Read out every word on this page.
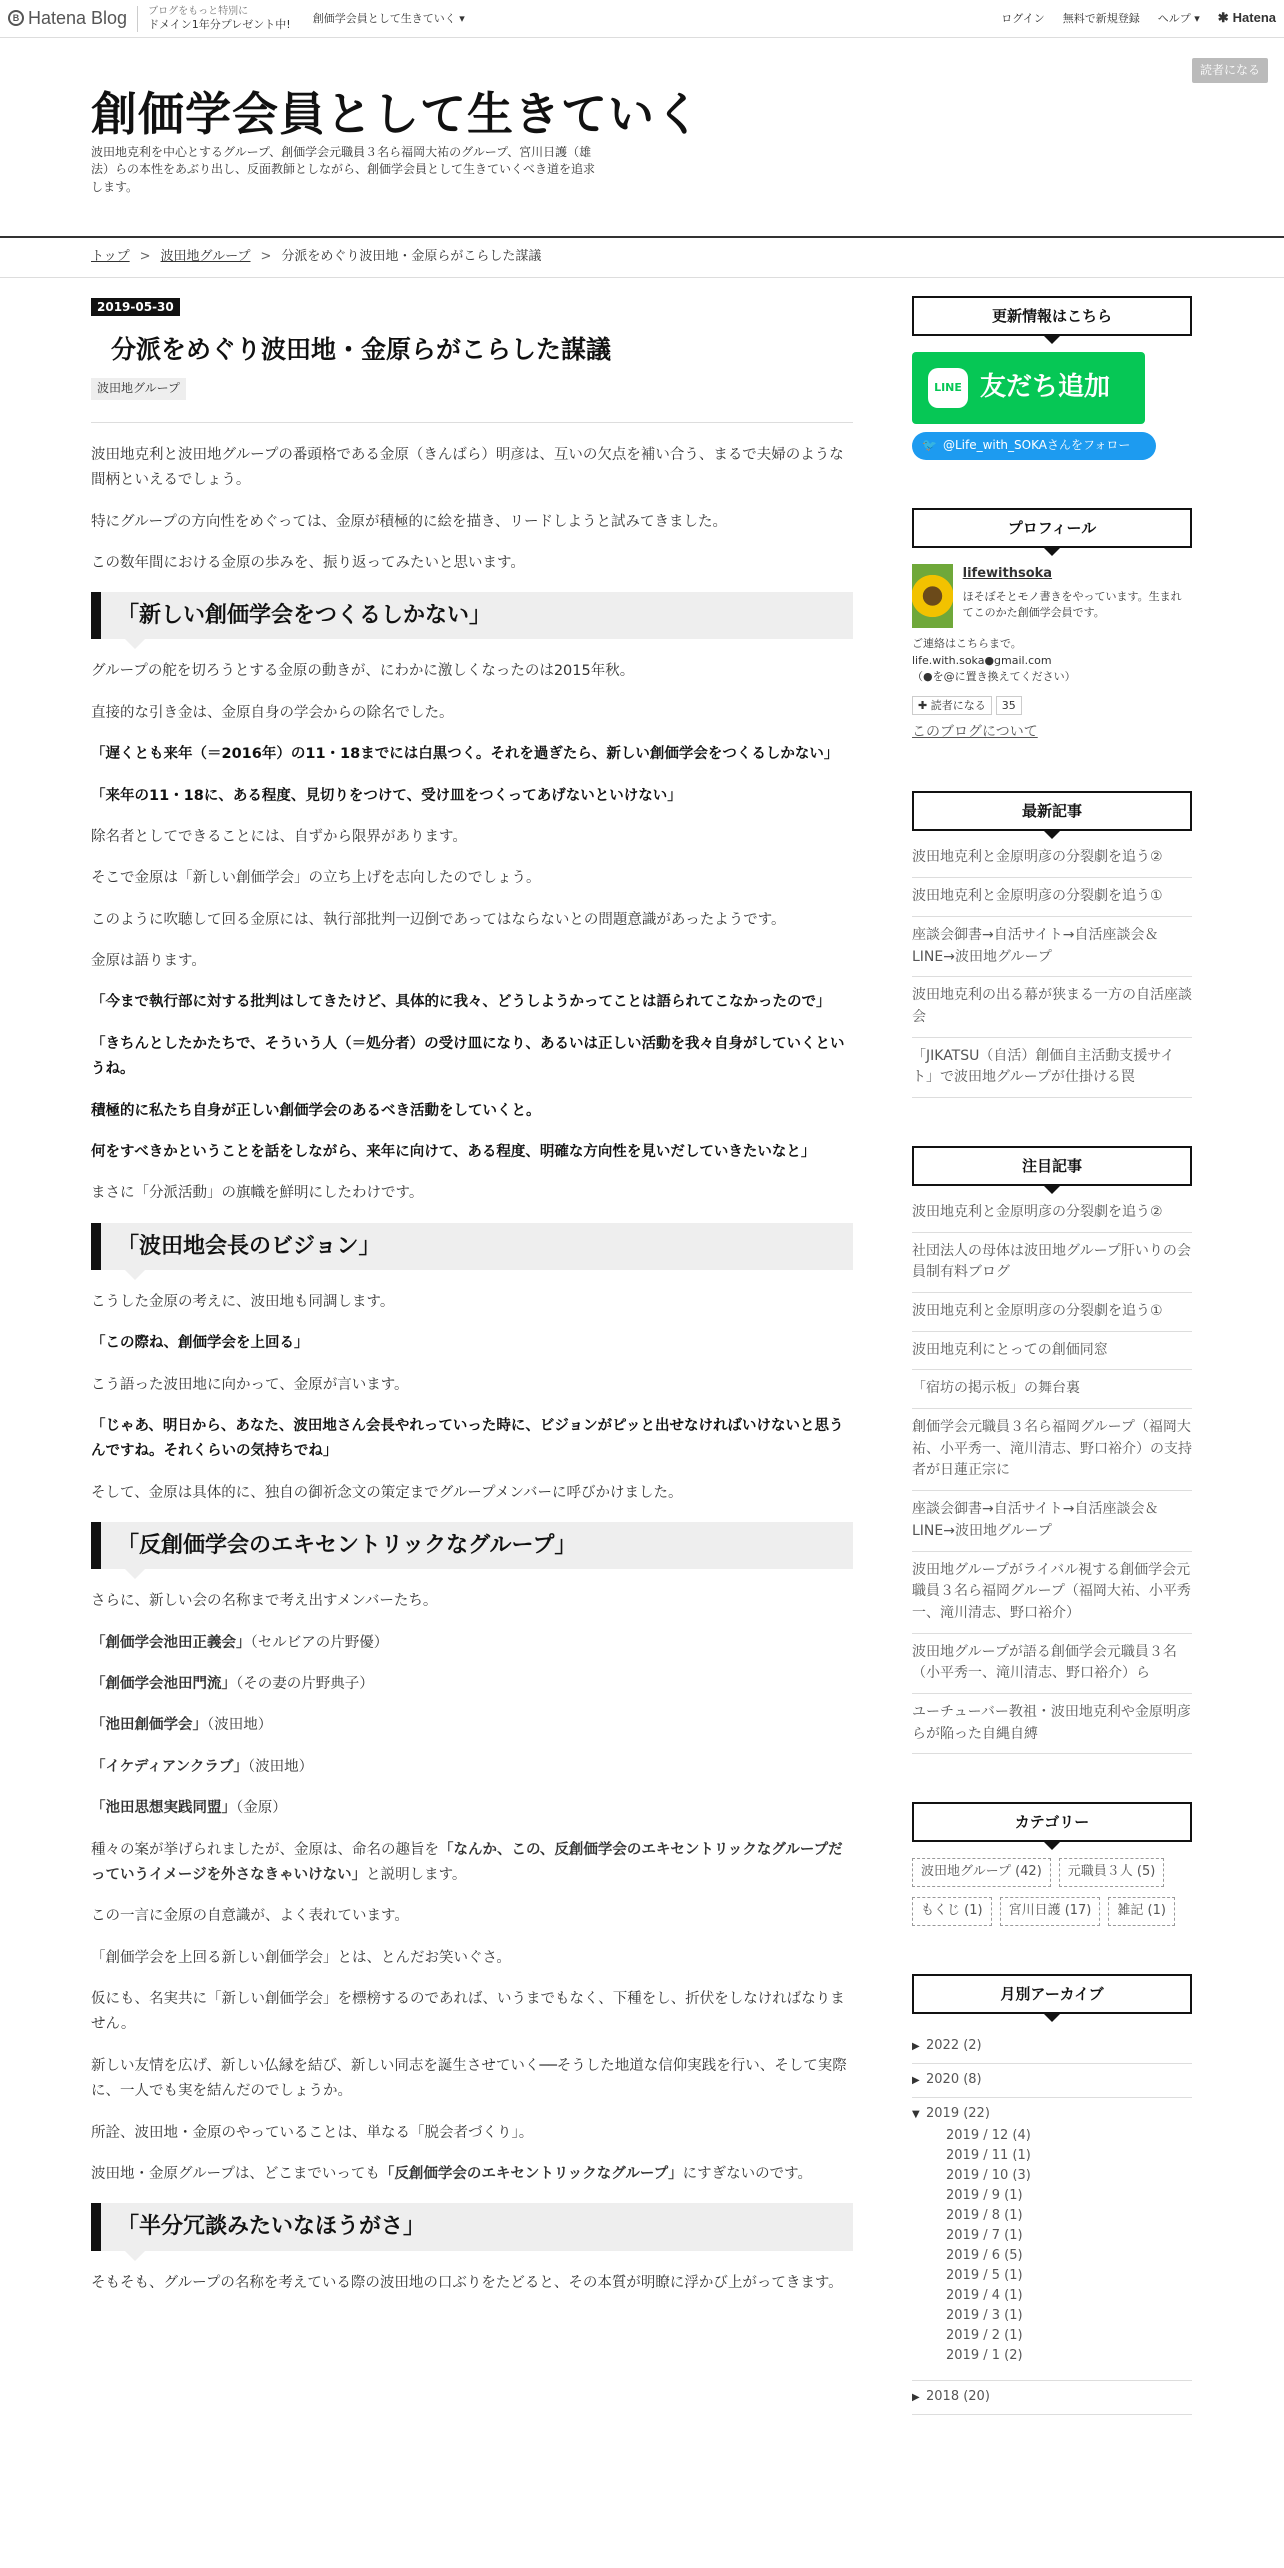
B Hatena Blog ブログをもっと特別に
ドメイン1年分プレゼント中! 創価学会員として生きていく ▾	ログイン 無料で新規登録 ヘルプ ▾ ✱ Hatena
読者になる
創価学会員として生きていく
波田地克利を中心とするグループ、創価学会元職員３名ら福岡大祐のグループ、宮川日護（雄法）らの本性をあぶり出し、反面教師としながら、創価学会員として生きていくべき道を追求します。
トップ > 波田地グループ > 分派をめぐり波田地・金原らがこらした謀議
2019-05-30
分派をめぐり波田地・金原らがこらした謀議
波田地グループ

波田地克利と波田地グループの番頭格である金原（きんばら）明彦は、互いの欠点を補い合う、まるで夫婦のような間柄といえるでしょう。

特にグループの方向性をめぐっては、金原が積極的に絵を描き、リードしようと試みてきました。

この数年間における金原の歩みを、振り返ってみたいと思います。

「新しい創価学会をつくるしかない」

グループの舵を切ろうとする金原の動きが、にわかに激しくなったのは2015年秋。

直接的な引き金は、金原自身の学会からの除名でした。

「遅くとも来年（＝2016年）の11・18までには白黒つく。それを過ぎたら、新しい創価学会をつくるしかない」

「来年の11・18に、ある程度、見切りをつけて、受け皿をつくってあげないといけない」

除名者としてできることには、自ずから限界があります。

そこで金原は「新しい創価学会」の立ち上げを志向したのでしょう。

このように吹聴して回る金原には、執行部批判一辺倒であってはならないとの問題意識があったようです。

金原は語ります。

「今まで執行部に対する批判はしてきたけど、具体的に我々、どうしようかってことは語られてこなかったので」

「きちんとしたかたちで、そういう人（＝処分者）の受け皿になり、あるいは正しい活動を我々自身がしていくというね。

積極的に私たち自身が正しい創価学会のあるべき活動をしていくと。

何をすべきかということを話をしながら、来年に向けて、ある程度、明確な方向性を見いだしていきたいなと」

まさに「分派活動」の旗幟を鮮明にしたわけです。

「波田地会長のビジョン」

こうした金原の考えに、波田地も同調します。

「この際ね、創価学会を上回る」

こう語った波田地に向かって、金原が言います。

「じゃあ、明日から、あなた、波田地さん会長やれっていった時に、ビジョンがピッと出せなければいけないと思うんですね。それくらいの気持ちでね」

そして、金原は具体的に、独自の御祈念文の策定までグループメンバーに呼びかけました。

「反創価学会のエキセントリックなグループ」

さらに、新しい会の名称まで考え出すメンバーたち。

「創価学会池田正義会」（セルビアの片野優）

「創価学会池田門流」（その妻の片野典子）

「池田創価学会」（波田地）

「イケディアンクラブ」（波田地）

「池田思想実践同盟」（金原）

種々の案が挙げられましたが、金原は、命名の趣旨を「なんか、この、反創価学会のエキセントリックなグループだっていうイメージを外さなきゃいけない」と説明します。

この一言に金原の自意識が、よく表れています。

「創価学会を上回る新しい創価学会」とは、とんだお笑いぐさ。

仮にも、名実共に「新しい創価学会」を標榜するのであれば、いうまでもなく、下種をし、折伏をしなければなりません。

新しい友情を広げ、新しい仏縁を結び、新しい同志を誕生させていく──そうした地道な信仰実践を行い、そして実際に、一人でも実を結んだのでしょうか。

所詮、波田地・金原のやっていることは、単なる「脱会者づくり」。

波田地・金原グループは、どこまでいっても「反創価学会のエキセントリックなグループ」にすぎないのです。

「半分冗談みたいなほうがさ」

そもそも、グループの名称を考えている際の波田地の口ぶりをたどると、その本質が明瞭に浮かび上がってきます。

更新情報はこちら
LINE 友だち追加
🐦 @Life_with_SOKAさんをフォロー
プロフィール
lifewithsoka
ほそぼそとモノ書きをやっています。生まれてこのかた創価学会員です。
ご連絡はこちらまで。
life.with.soka●gmail.com
（●を@に置き換えてください）
✚ 読者になる	35
このブログについて
最新記事
波田地克利と金原明彦の分裂劇を追う②
波田地克利と金原明彦の分裂劇を追う①
座談会御書→自活サイト→自活座談会＆LINE→波田地グループ
波田地克利の出る幕が狭まる一方の自活座談会
「JIKATSU（自活）創価自主活動支援サイト」で波田地グループが仕掛ける罠
注目記事
波田地克利と金原明彦の分裂劇を追う②
社団法人の母体は波田地グループ肝いりの会員制有料ブログ
波田地克利と金原明彦の分裂劇を追う①
波田地克利にとっての創価同窓
「宿坊の掲示板」の舞台裏
創価学会元職員３名ら福岡グループ（福岡大祐、小平秀一、滝川清志、野口裕介）の支持者が日蓮正宗に
座談会御書→自活サイト→自活座談会＆LINE→波田地グループ
波田地グループがライバル視する創価学会元職員３名ら福岡グループ（福岡大祐、小平秀一、滝川清志、野口裕介）
波田地グループが語る創価学会元職員３名（小平秀一、滝川清志、野口裕介）ら
ユーチューバー教祖・波田地克利や金原明彦らが陥った自縄自縛
カテゴリー
波田地グループ (42)	元職員３人 (5)
もくじ (1)	宮川日護 (17)	雑記 (1)
月別アーカイブ
▶ 2022 (2)
▶ 2020 (8)
▼ 2019 (22)
2019 / 12 (4)
2019 / 11 (1)
2019 / 10 (3)
2019 / 9 (1)
2019 / 8 (1)
2019 / 7 (1)
2019 / 6 (5)
2019 / 5 (1)
2019 / 4 (1)
2019 / 3 (1)
2019 / 2 (1)
2019 / 1 (2)
▶ 2018 (20)
